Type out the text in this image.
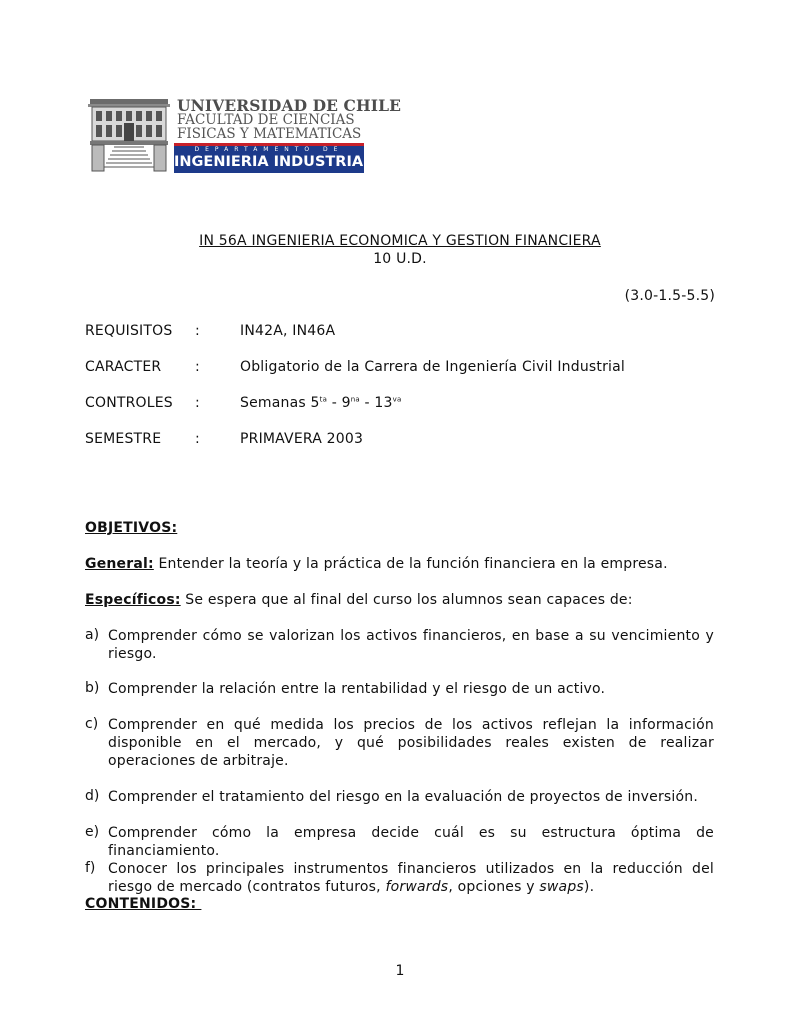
UNIVERSIDAD DE CHILE
FACULTAD DE CIENCIAS
FISICAS Y MATEMATICAS
DEPARTAMENTO DE
INGENIERIA INDUSTRIAL
IN 56A INGENIERIA ECONOMICA Y GESTION FINANCIERA
10 U.D.
(3.0-1.5-5.5)
REQUISITOS :	IN42A, IN46A
CARACTER :	Obligatorio de la Carrera de Ingeniería Civil Industrial
CONTROLES :	Semanas $5^{ta} - 9^{na} - 13^{va}$
SEMESTRE :	PRIMAVERA 2003
OBJETIVOS:
General: Entender la teoría y la práctica de la función financiera en la empresa.
Específicos: Se espera que al final del curso los alumnos sean capaces de:
a) Comprender cómo se valorizan los activos financieros, en base a su vencimiento y riesgo.
b) Comprender la relación entre la rentabilidad y el riesgo de un activo.
c) Comprender en qué medida los precios de los activos reflejan la información disponible en el mercado, y qué posibilidades reales existen de realizar operaciones de arbitraje.
d) Comprender el tratamiento del riesgo en la evaluación de proyectos de inversión.
e) Comprender cómo la empresa decide cuál es su estructura óptima de financiamiento.
f) Conocer los principales instrumentos financieros utilizados en la reducción del riesgo de mercado (contratos futuros, forwards, opciones y swaps).
CONTENIDOS:
1
